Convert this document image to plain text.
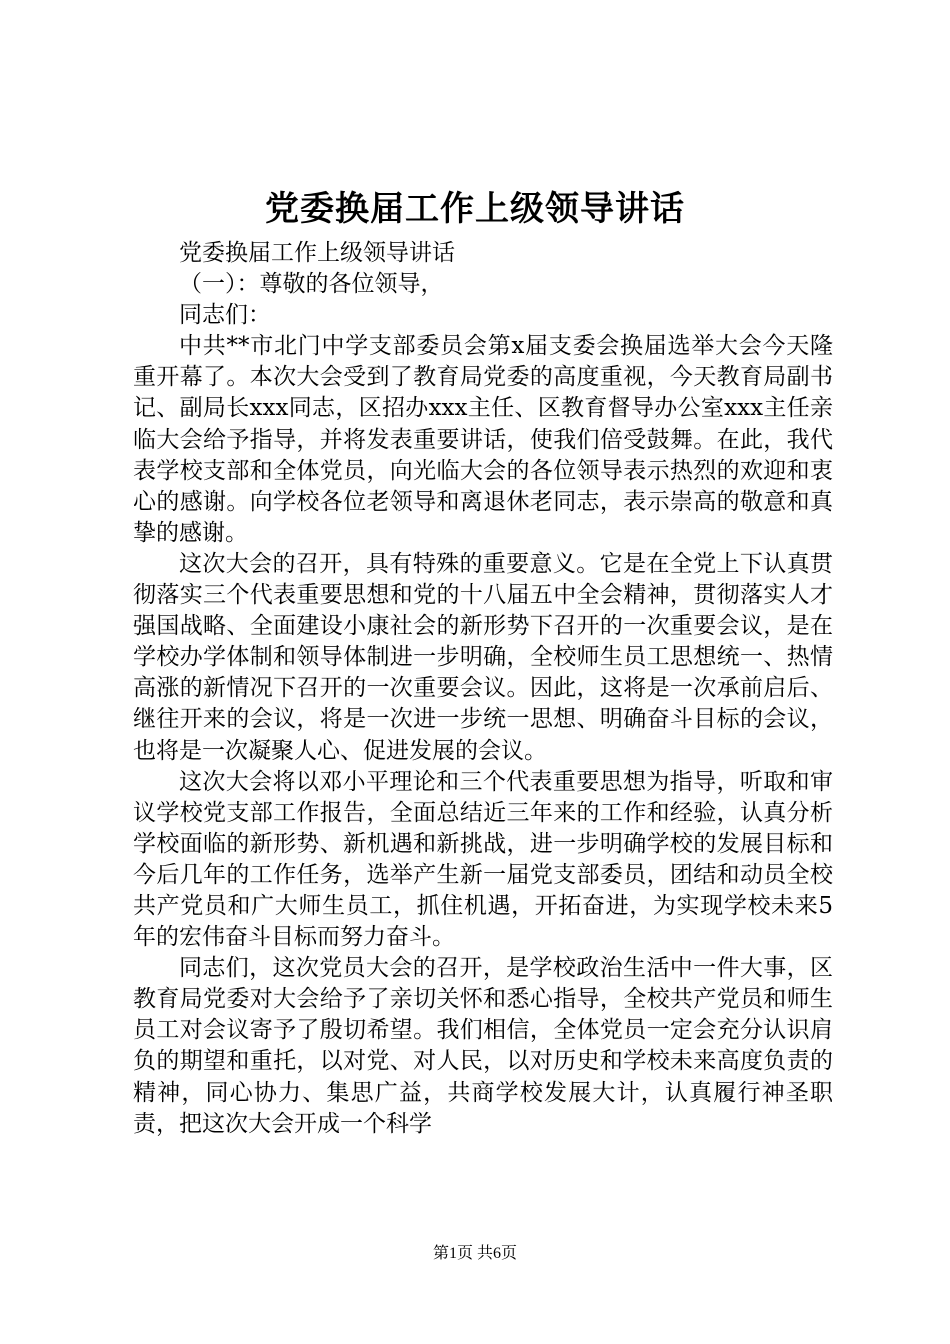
党委换届工作上级领导讲话

党委换届工作上级领导讲话

（一）：尊敬的各位领导，

同志们：

中共**市北门中学支部委员会第x届支委会换届选举大会今天隆重开幕了。本次大会受到了教育局党委的高度重视，今天教育局副书记、副局长xxx同志，区招办xxx主任、区教育督导办公室xxx主任亲临大会给予指导，并将发表重要讲话，使我们倍受鼓舞。在此，我代表学校支部和全体党员，向光临大会的各位领导表示热烈的欢迎和衷心的感谢。向学校各位老领导和离退休老同志，表示崇高的敬意和真挚的感谢。

这次大会的召开，具有特殊的重要意义。它是在全党上下认真贯彻落实三个代表重要思想和党的十八届五中全会精神，贯彻落实人才强国战略、全面建设小康社会的新形势下召开的一次重要会议，是在学校办学体制和领导体制进一步明确，全校师生员工思想统一、热情高涨的新情况下召开的一次重要会议。因此，这将是一次承前启后、继往开来的会议，将是一次进一步统一思想、明确奋斗目标的会议，也将是一次凝聚人心、促进发展的会议。

这次大会将以邓小平理论和三个代表重要思想为指导，听取和审议学校党支部工作报告，全面总结近三年来的工作和经验，认真分析学校面临的新形势、新机遇和新挑战，进一步明确学校的发展目标和今后几年的工作任务，选举产生新一届党支部委员，团结和动员全校共产党员和广大师生员工，抓住机遇，开拓奋进，为实现学校未来5年的宏伟奋斗目标而努力奋斗。

同志们，这次党员大会的召开，是学校政治生活中一件大事，区教育局党委对大会给予了亲切关怀和悉心指导，全校共产党员和师生员工对会议寄予了殷切希望。我们相信，全体党员一定会充分认识肩负的期望和重托，以对党、对人民，以对历史和学校未来高度负责的精神，同心协力、集思广益，共商学校发展大计，认真履行神圣职责，把这次大会开成一个科学

第1页 共6页
